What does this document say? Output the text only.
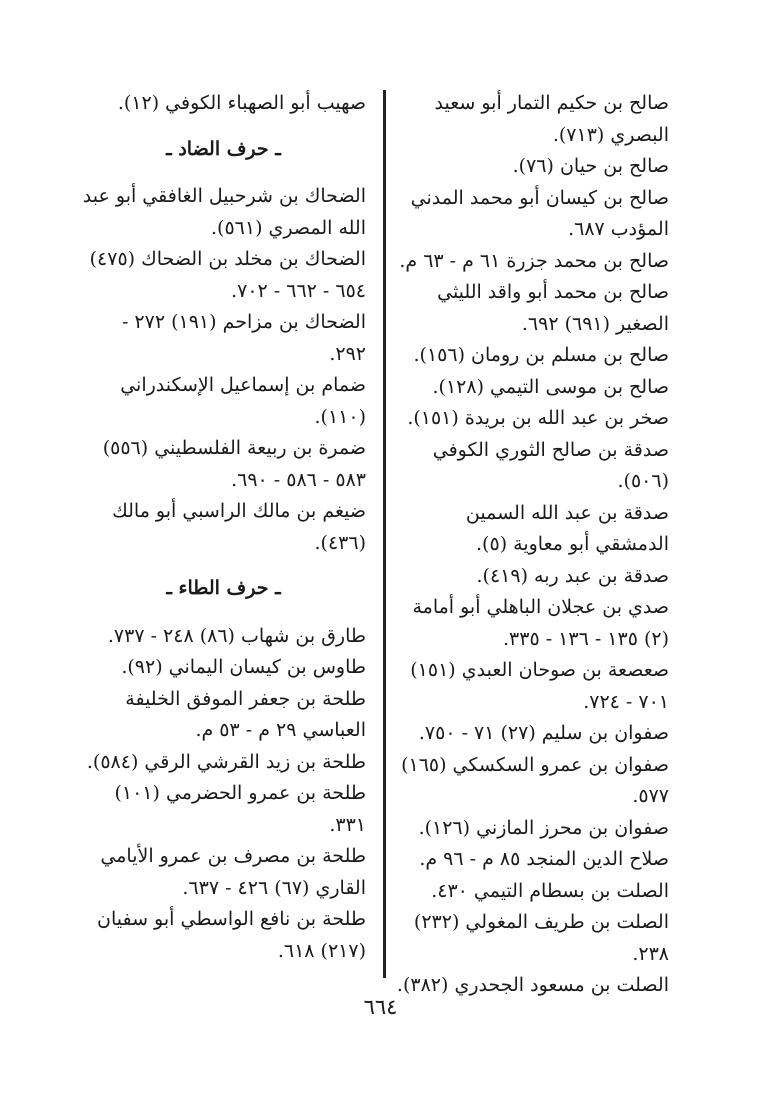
صالح بن حكيم التمار أبو سعيد البصري (٧١٣).

صالح بن حيان (٧٦).

صالح بن كيسان أبو محمد المدني المؤدب ٦٨٧.

صالح بن محمد جزرة ٦١ م - ٦٣ م.

صالح بن محمد أبو واقد الليثي الصغير (٦٩١) ٦٩٢.

صالح بن مسلم بن رومان (١٥٦).

صالح بن موسى التيمي (١٢٨).

صخر بن عبد الله بن بريدة (١٥١).

صدقة بن صالح الثوري الكوفي (٥٠٦).

صدقة بن عبد الله السمين الدمشقي أبو معاوية (٥).

صدقة بن عبد ربه (٤١٩).

صدي بن عجلان الباهلي أبو أمامة (٢) ١٣٥ - ١٣٦ - ٣٣٥.

صعصعة بن صوحان العبدي (١٥١) ٧٠١ - ٧٢٤.

صفوان بن سليم (٢٧) ٧١ - ٧٥٠.

صفوان بن عمرو السكسكي (١٦٥) ٥٧٧.

صفوان بن محرز المازني (١٢٦).

صلاح الدين المنجد ٨٥ م - ٩٦ م.

الصلت بن بسطام التيمي ٤٣٠.

الصلت بن طريف المغولي (٢٣٢) ٢٣٨.

الصلت بن مسعود الجحدري (٣٨٢).

صهيب أبو الصهباء الكوفي (١٢).

ـ حرف الضاد ـ

الضحاك بن شرحبيل الغافقي أبو عبد الله المصري (٥٦١).

الضحاك بن مخلد بن الضحاك (٤٧٥) ٦٥٤ - ٦٦٢ - ٧٠٢.

الضحاك بن مزاحم (١٩١) ٢٧٢ - ٢٩٢.

ضمام بن إسماعيل الإسكندراني (١١٠).

ضمرة بن ربيعة الفلسطيني (٥٥٦) ٥٨٣ - ٥٨٦ - ٦٩٠.

ضيغم بن مالك الراسبي أبو مالك (٤٣٦).

ـ حرف الطاء ـ

طارق بن شهاب (٨٦) ٢٤٨ - ٧٣٧.

طاوس بن كيسان اليماني (٩٢).

طلحة بن جعفر الموفق الخليفة العباسي ٢٩ م - ٥٣ م.

طلحة بن زيد القرشي الرقي (٥٨٤).

طلحة بن عمرو الحضرمي (١٠١) ٣٣١.

طلحة بن مصرف بن عمرو الأيامي القاري (٦٧) ٤٢٦ - ٦٣٧.

طلحة بن نافع الواسطي أبو سفيان (٢١٧) ٦١٨.

٦٦٤
